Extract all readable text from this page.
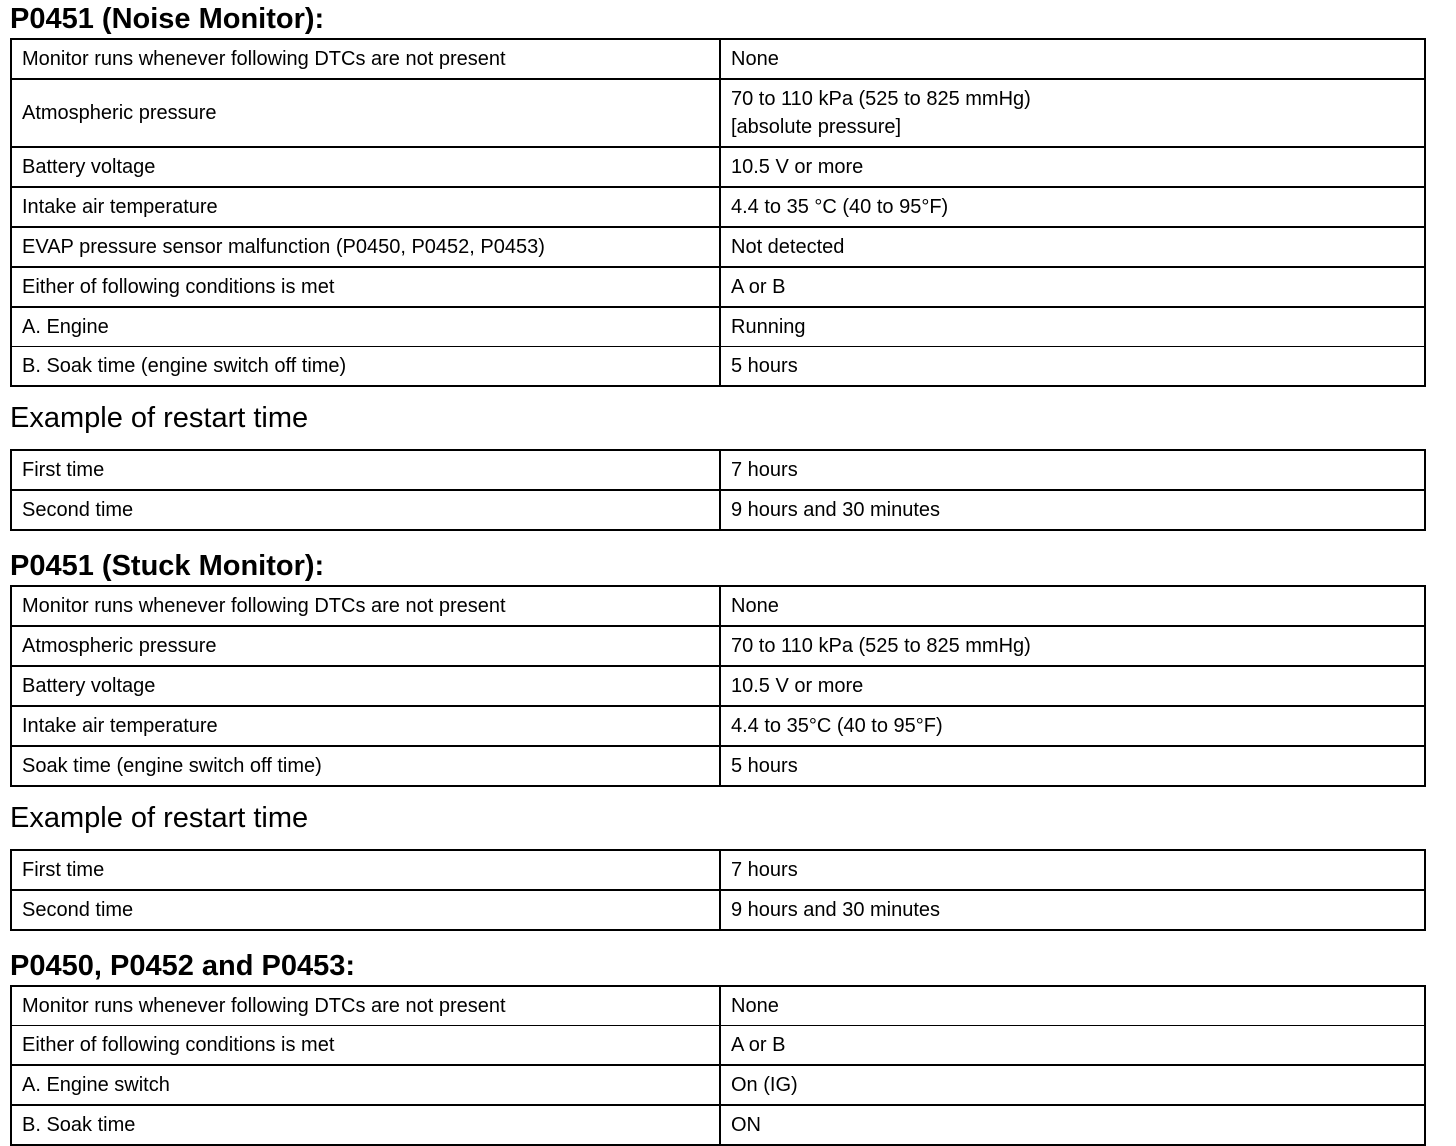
P0451 (Noise Monitor):
Monitor runs whenever following DTCs are not present	None
Atmospheric pressure	70 to 110 kPa (525 to 825 mmHg)
[absolute pressure]

Battery voltage	10.5 V or more
Intake air temperature	4.4 to 35 °C (40 to 95°F)
EVAP pressure sensor malfunction (P0450, P0452, P0453)	Not detected
Either of following conditions is met	A or B
A. Engine	Running
B. Soak time (engine switch off time)	5 hours
Example of restart time
First time	7 hours
Second time	9 hours and 30 minutes
P0451 (Stuck Monitor):
Monitor runs whenever following DTCs are not present	None
Atmospheric pressure	70 to 110 kPa (525 to 825 mmHg)
Battery voltage	10.5 V or more
Intake air temperature	4.4 to 35°C (40 to 95°F)
Soak time (engine switch off time)	5 hours
Example of restart time
First time	7 hours
Second time	9 hours and 30 minutes
P0450, P0452 and P0453:
Monitor runs whenever following DTCs are not present	None
Either of following conditions is met	A or B
A. Engine switch	On (IG)
B. Soak time	ON
